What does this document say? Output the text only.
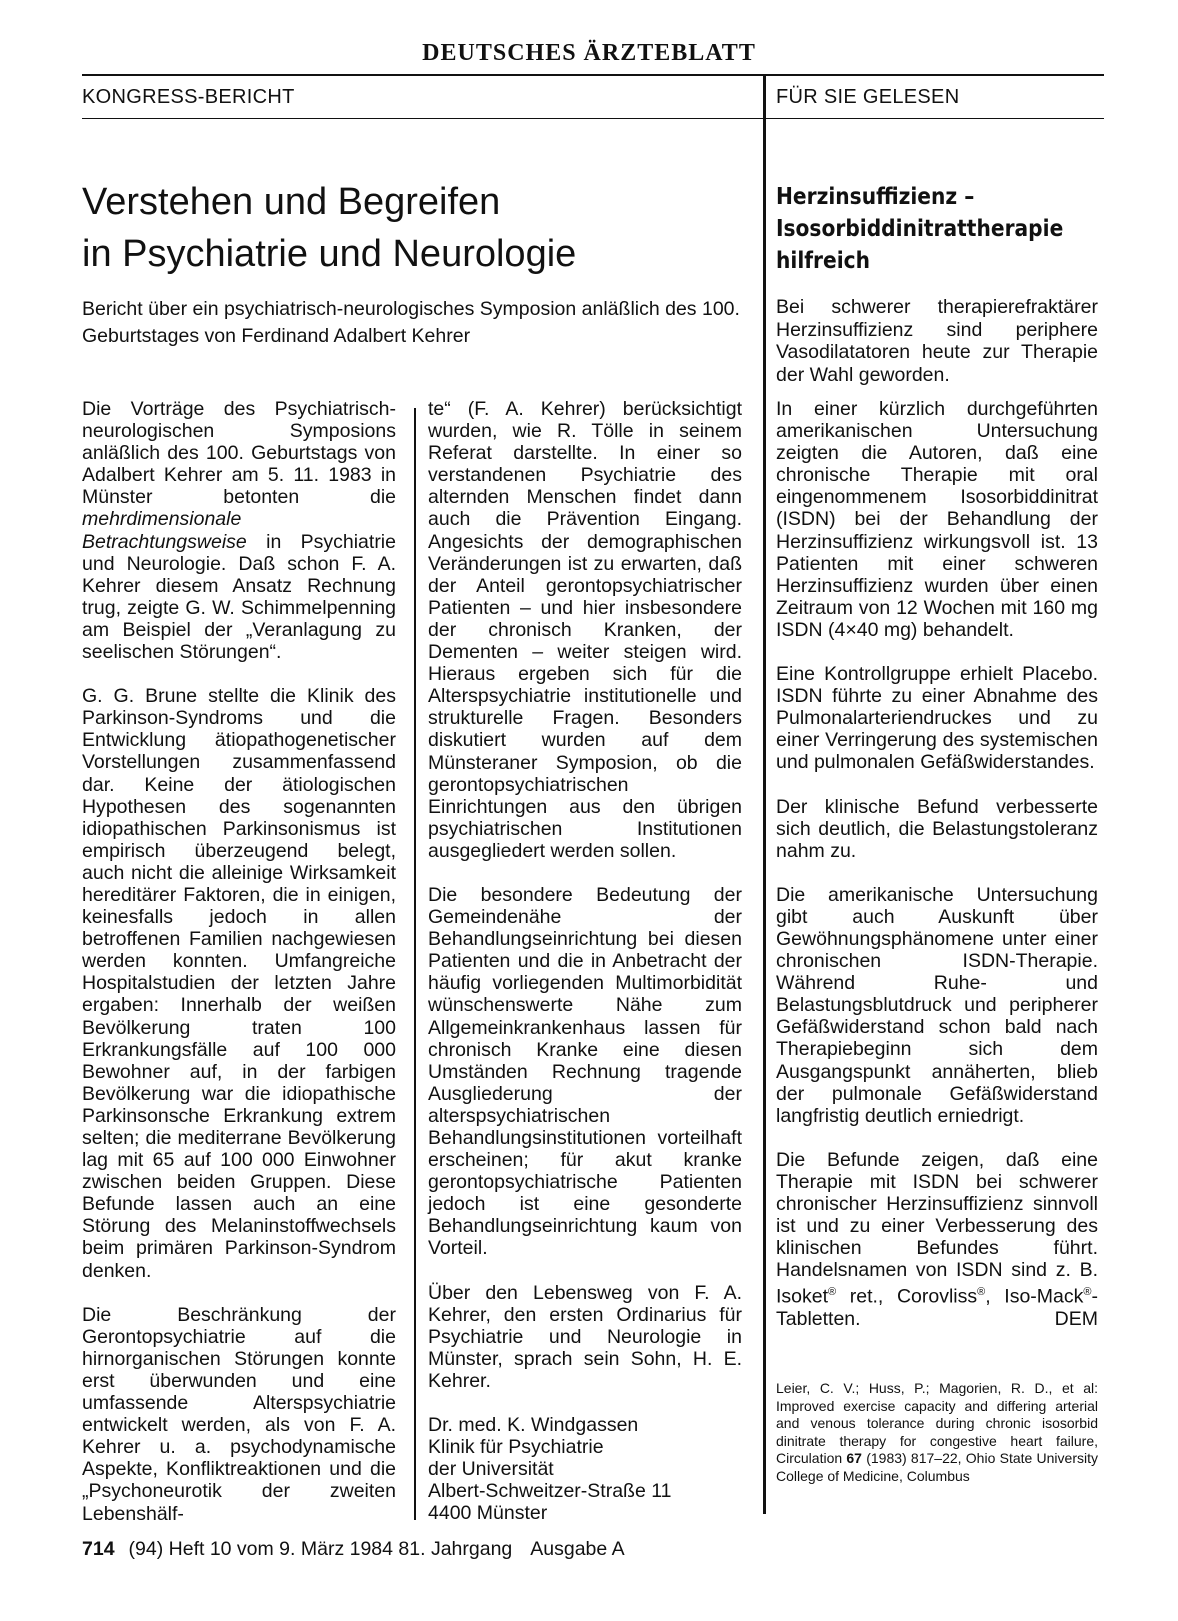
DEUTSCHES ÄRZTEBLATT
KONGRESS-BERICHT	FÜR SIE GELESEN
Verstehen und Begreifen
in Psychiatrie und Neurologie

Bericht über ein psychiatrisch-neurologisches Symposion anläßlich des 100. Geburtstages von Ferdinand Adalbert Kehrer

Die Vorträge des Psychiatrisch-neurologischen Symposions anläßlich des 100. Geburtstags von Adalbert Kehrer am 5. 11. 1983 in Münster betonten die mehrdimensionale Betrachtungsweise in Psychiatrie und Neurologie. Daß schon F. A. Kehrer diesem Ansatz Rechnung trug, zeigte G. W. Schimmelpenning am Beispiel der „Veranlagung zu seelischen Störungen“.

G. G. Brune stellte die Klinik des Parkinson-Syndroms und die Entwicklung ätiopathogenetischer Vorstellungen zusammenfassend dar. Keine der ätiologischen Hypothesen des sogenannten idiopathischen Parkinsonismus ist empirisch überzeugend belegt, auch nicht die alleinige Wirksamkeit hereditärer Faktoren, die in einigen, keinesfalls jedoch in allen betroffenen Familien nachgewiesen werden konnten. Umfangreiche Hospitalstudien der letzten Jahre ergaben: Innerhalb der weißen Bevölkerung traten 100 Erkrankungsfälle auf 100 000 Bewohner auf, in der farbigen Bevölkerung war die idiopathische Parkinsonsche Erkrankung extrem selten; die mediterrane Bevölkerung lag mit 65 auf 100 000 Einwohner zwischen beiden Gruppen. Diese Befunde lassen auch an eine Störung des Melaninstoffwechsels beim primären Parkinson-Syndrom denken.

Die Beschränkung der Gerontopsychiatrie auf die hirnorganischen Störungen konnte erst überwunden und eine umfassende Alterspsychiatrie entwickelt werden, als von F. A. Kehrer u. a. psychodynamische Aspekte, Konfliktreaktionen und die „Psychoneurotik der zweiten Lebenshälf-

te“ (F. A. Kehrer) berücksichtigt wurden, wie R. Tölle in seinem Referat darstellte. In einer so verstandenen Psychiatrie des alternden Menschen findet dann auch die Prävention Eingang. Angesichts der demographischen Veränderungen ist zu erwarten, daß der Anteil gerontopsychiatrischer Patienten – und hier insbesondere der chronisch Kranken, der Dementen – weiter steigen wird. Hieraus ergeben sich für die Alterspsychiatrie institutionelle und strukturelle Fragen. Besonders diskutiert wurden auf dem Münsteraner Symposion, ob die gerontopsychiatrischen Einrichtungen aus den übrigen psychiatrischen Institutionen ausgegliedert werden sollen.

Die besondere Bedeutung der Gemeindenähe der Behandlungseinrichtung bei diesen Patienten und die in Anbetracht der häufig vorliegenden Multimorbidität wünschenswerte Nähe zum Allgemeinkrankenhaus lassen für chronisch Kranke eine diesen Umständen Rechnung tragende Ausgliederung der alterspsychiatrischen Behandlungsinstitutionen vorteilhaft erscheinen; für akut kranke gerontopsychiatrische Patienten jedoch ist eine gesonderte Behandlungseinrichtung kaum von Vorteil.

Über den Lebensweg von F. A. Kehrer, den ersten Ordinarius für Psychiatrie und Neurologie in Münster, sprach sein Sohn, H. E. Kehrer.

Dr. med. K. Windgassen
Klinik für Psychiatrie
der Universität
Albert-Schweitzer-Straße 11
4400 Münster

Herzinsuffizienz – Isosorbiddinitrattherapie hilfreich

Bei schwerer therapierefraktärer Herzinsuffizienz sind periphere Vasodilatatoren heute zur Therapie der Wahl geworden.

In einer kürzlich durchgeführten amerikanischen Untersuchung zeigten die Autoren, daß eine chronische Therapie mit oral eingenommenem Isosorbiddinitrat (ISDN) bei der Behandlung der Herzinsuffizienz wirkungsvoll ist. 13 Patienten mit einer schweren Herzinsuffizienz wurden über einen Zeitraum von 12 Wochen mit 160 mg ISDN (4×40 mg) behandelt.

Eine Kontrollgruppe erhielt Placebo. ISDN führte zu einer Abnahme des Pulmonalarteriendruckes und zu einer Verringerung des systemischen und pulmonalen Gefäßwiderstandes.

Der klinische Befund verbesserte sich deutlich, die Belastungstoleranz nahm zu.

Die amerikanische Untersuchung gibt auch Auskunft über Gewöhnungsphänomene unter einer chronischen ISDN-Therapie. Während Ruhe- und Belastungsblutdruck und peripherer Gefäßwiderstand schon bald nach Therapiebeginn sich dem Ausgangspunkt annäherten, blieb der pulmonale Gefäßwiderstand langfristig deutlich erniedrigt.

Die Befunde zeigen, daß eine Therapie mit ISDN bei schwerer chronischer Herzinsuffizienz sinnvoll ist und zu einer Verbesserung des klinischen Befundes führt. Handelsnamen von ISDN sind z. B. Isoket® ret., Corovliss®, Iso-Mack®-Tabletten.	DEM

Leier, C. V.; Huss, P.; Magorien, R. D., et al: Improved exercise capacity and differing arterial and venous tolerance during chronic isosorbid dinitrate therapy for congestive heart failure, Circulation 67 (1983) 817–22, Ohio State University College of Medicine, Columbus

714 (94) Heft 10 vom 9. März 1984 81. Jahrgang Ausgabe A
